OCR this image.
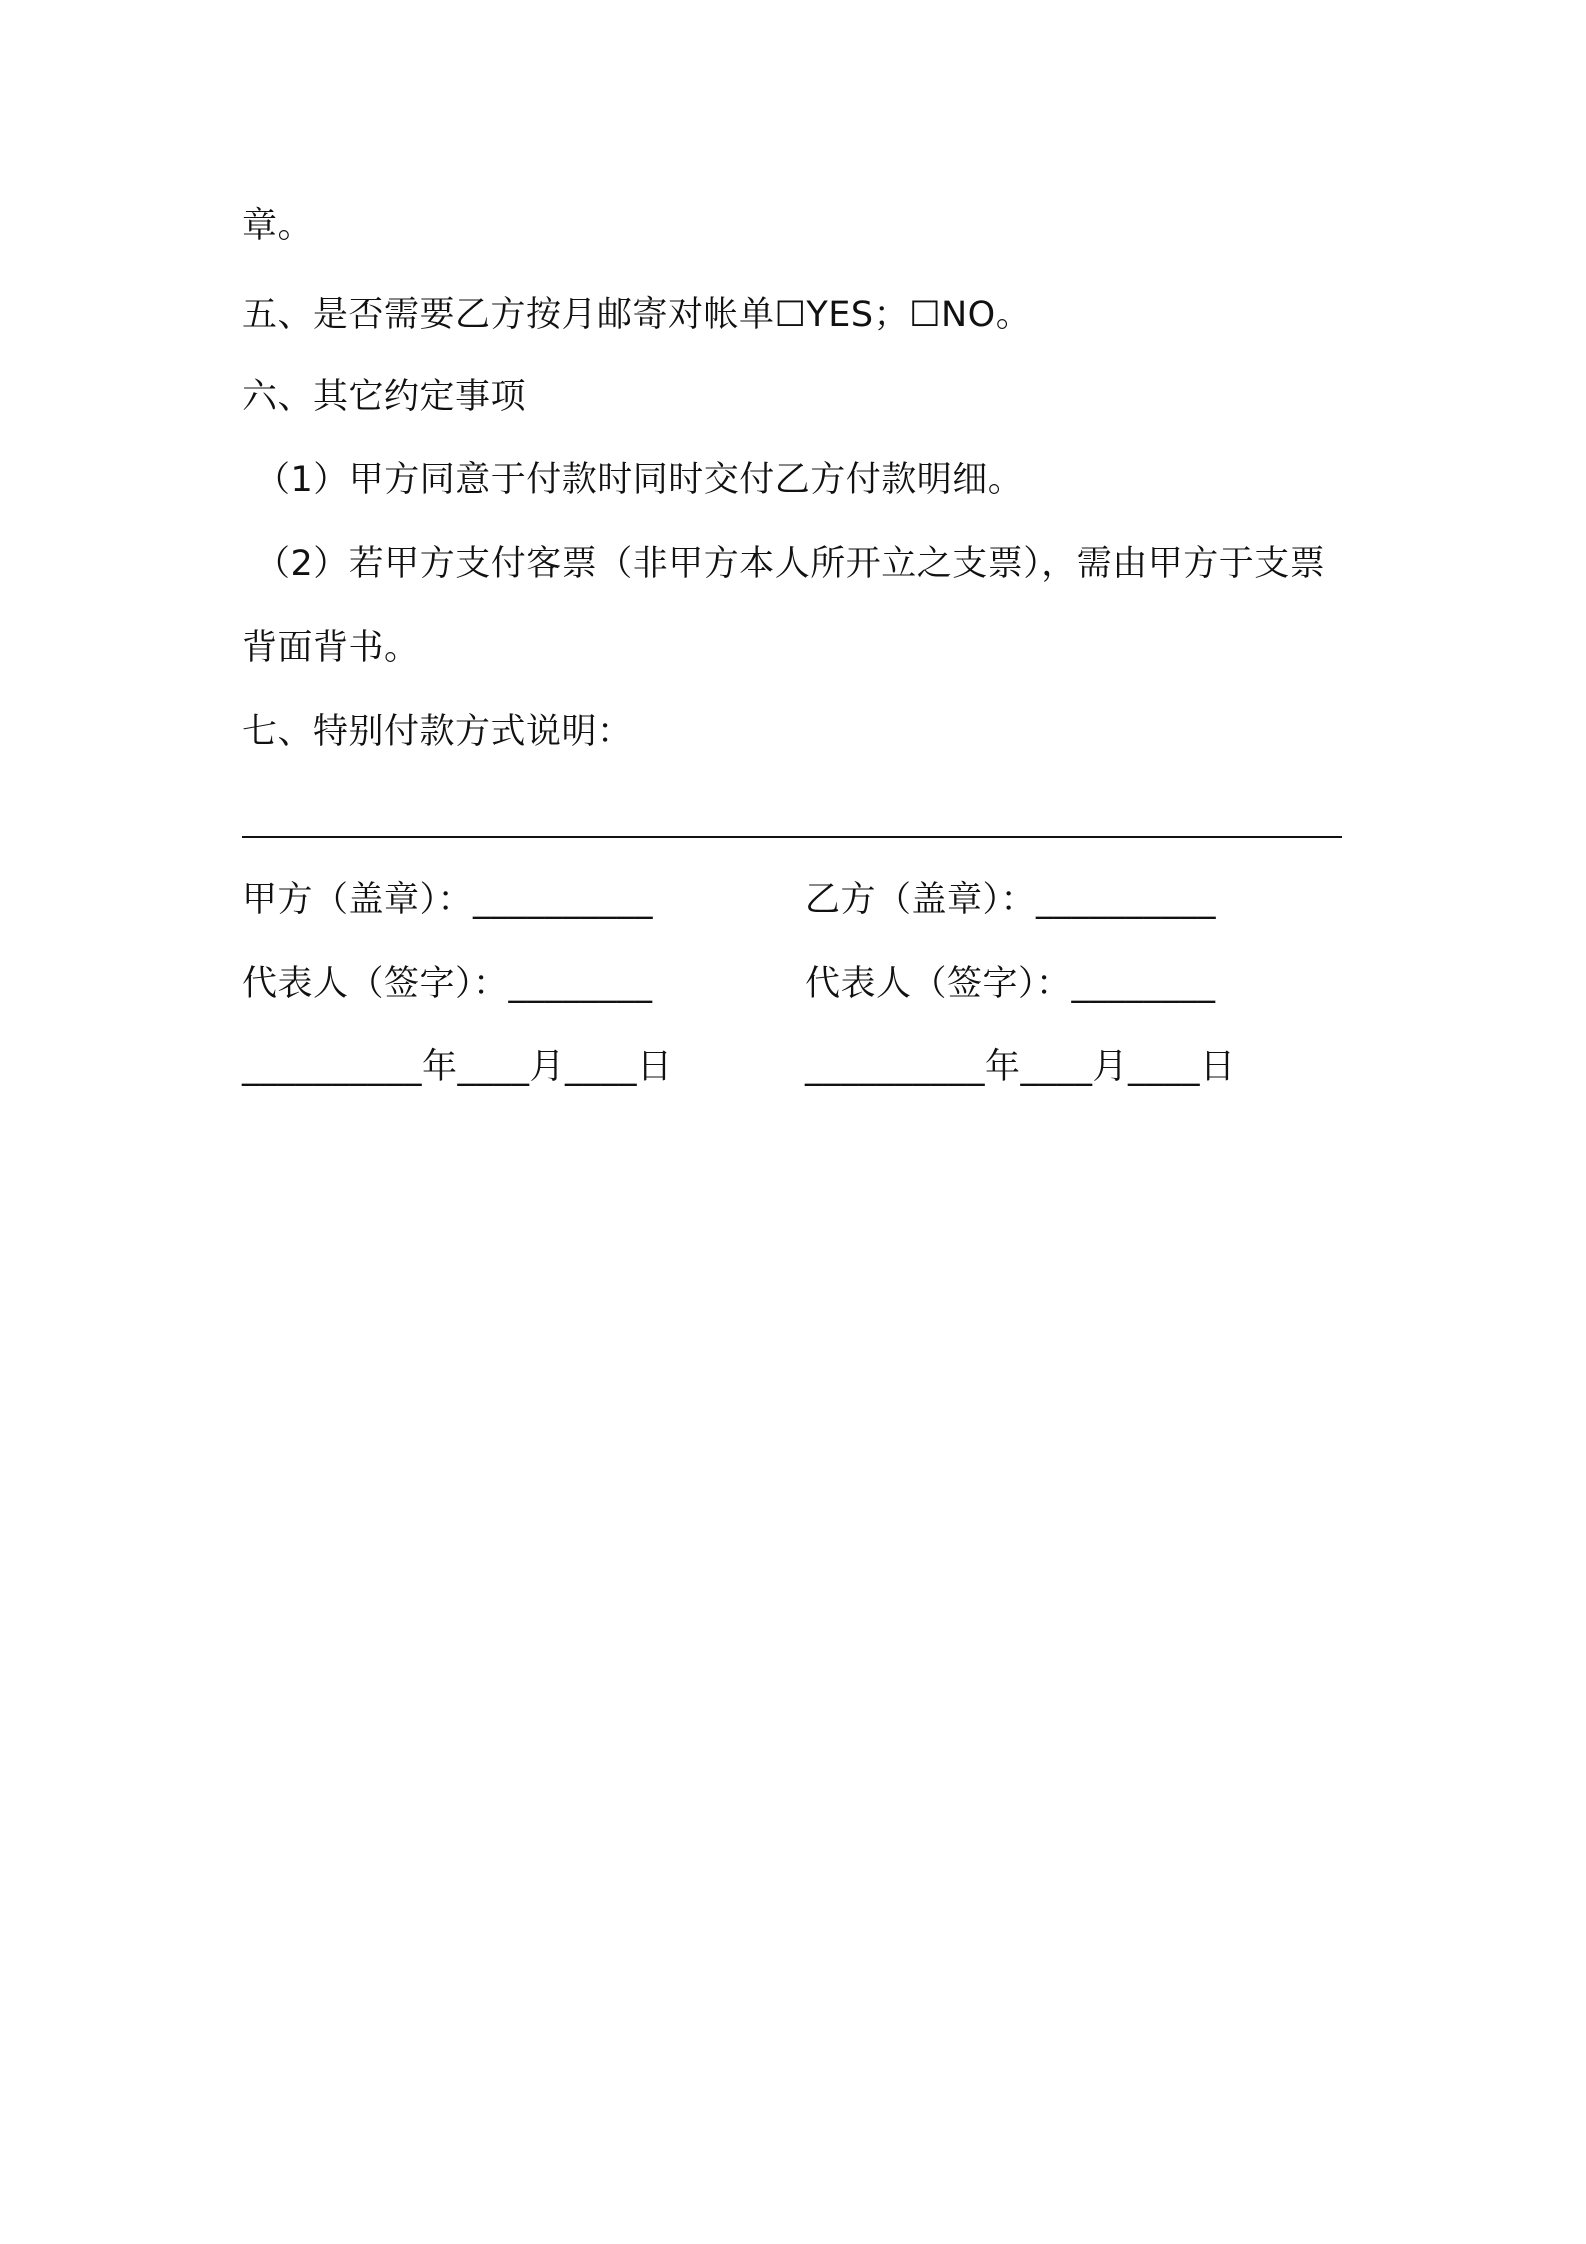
章。
五、是否需要乙方按月邮寄对帐单☐YES；☐NO。
六、其它约定事项
（1）甲方同意于付款时同时交付乙方付款明细。
（2）若甲方支付客票（非甲方本人所开立之支票），需由甲方于支票
背面背书。
七、特别付款方式说明：
甲方（盖章）：__________	乙方（盖章）：__________
代表人（签字）：________	代表人（签字）：________
__________年____月____日	__________年____月____日
